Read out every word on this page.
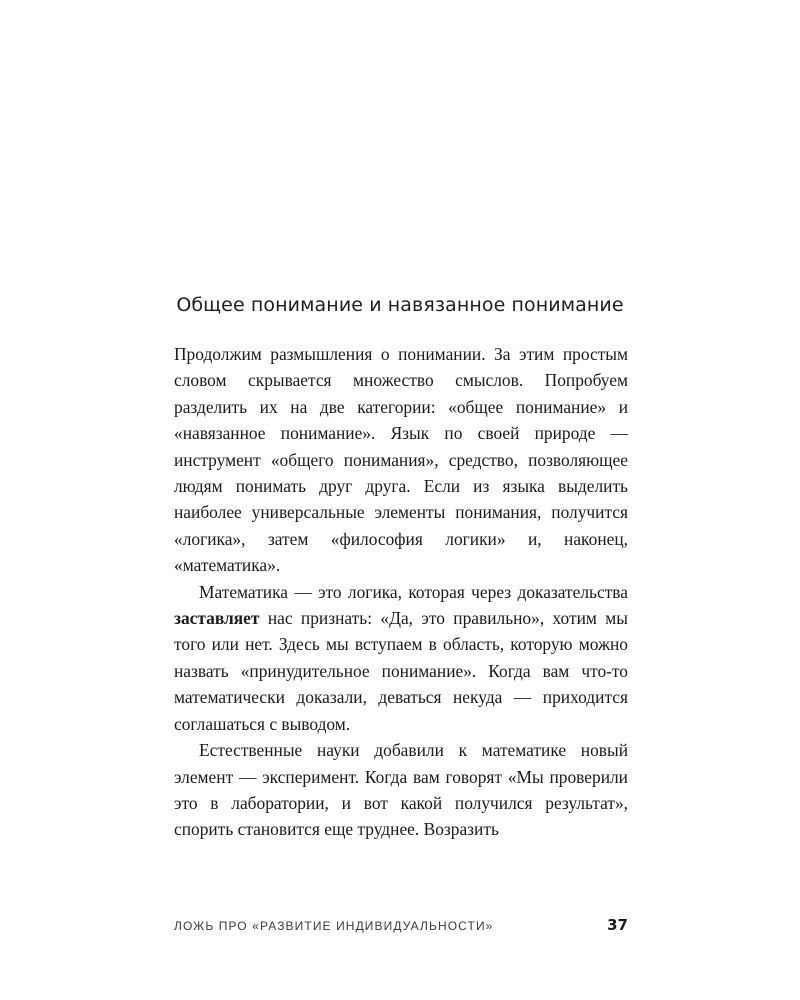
Общее понимание и навязанное понимание

Продолжим размышления о понимании. За этим простым словом скрывается множество смыслов. Попробуем разделить их на две категории: «общее понимание» и «навязанное понимание». Язык по своей природе — инструмент «общего понимания», средство, позволяющее людям понимать друг друга. Если из языка выделить наиболее универсальные элементы понимания, получится «логика», затем «философия логики» и, наконец, «математика».

Математика — это логика, которая через доказательства заставляет нас признать: «Да, это правильно», хотим мы того или нет. Здесь мы вступаем в область, которую можно назвать «принудительное понимание». Когда вам что-то математически доказали, деваться некуда — приходится соглашаться с выводом.

Естественные науки добавили к математике новый элемент — эксперимент. Когда вам говорят «Мы проверили это в лаборатории, и вот какой получился результат», спорить становится еще труднее. Возразить

ЛОЖЬ ПРО «РАЗВИТИЕ ИНДИВИДУАЛЬНОСТИ»	37
